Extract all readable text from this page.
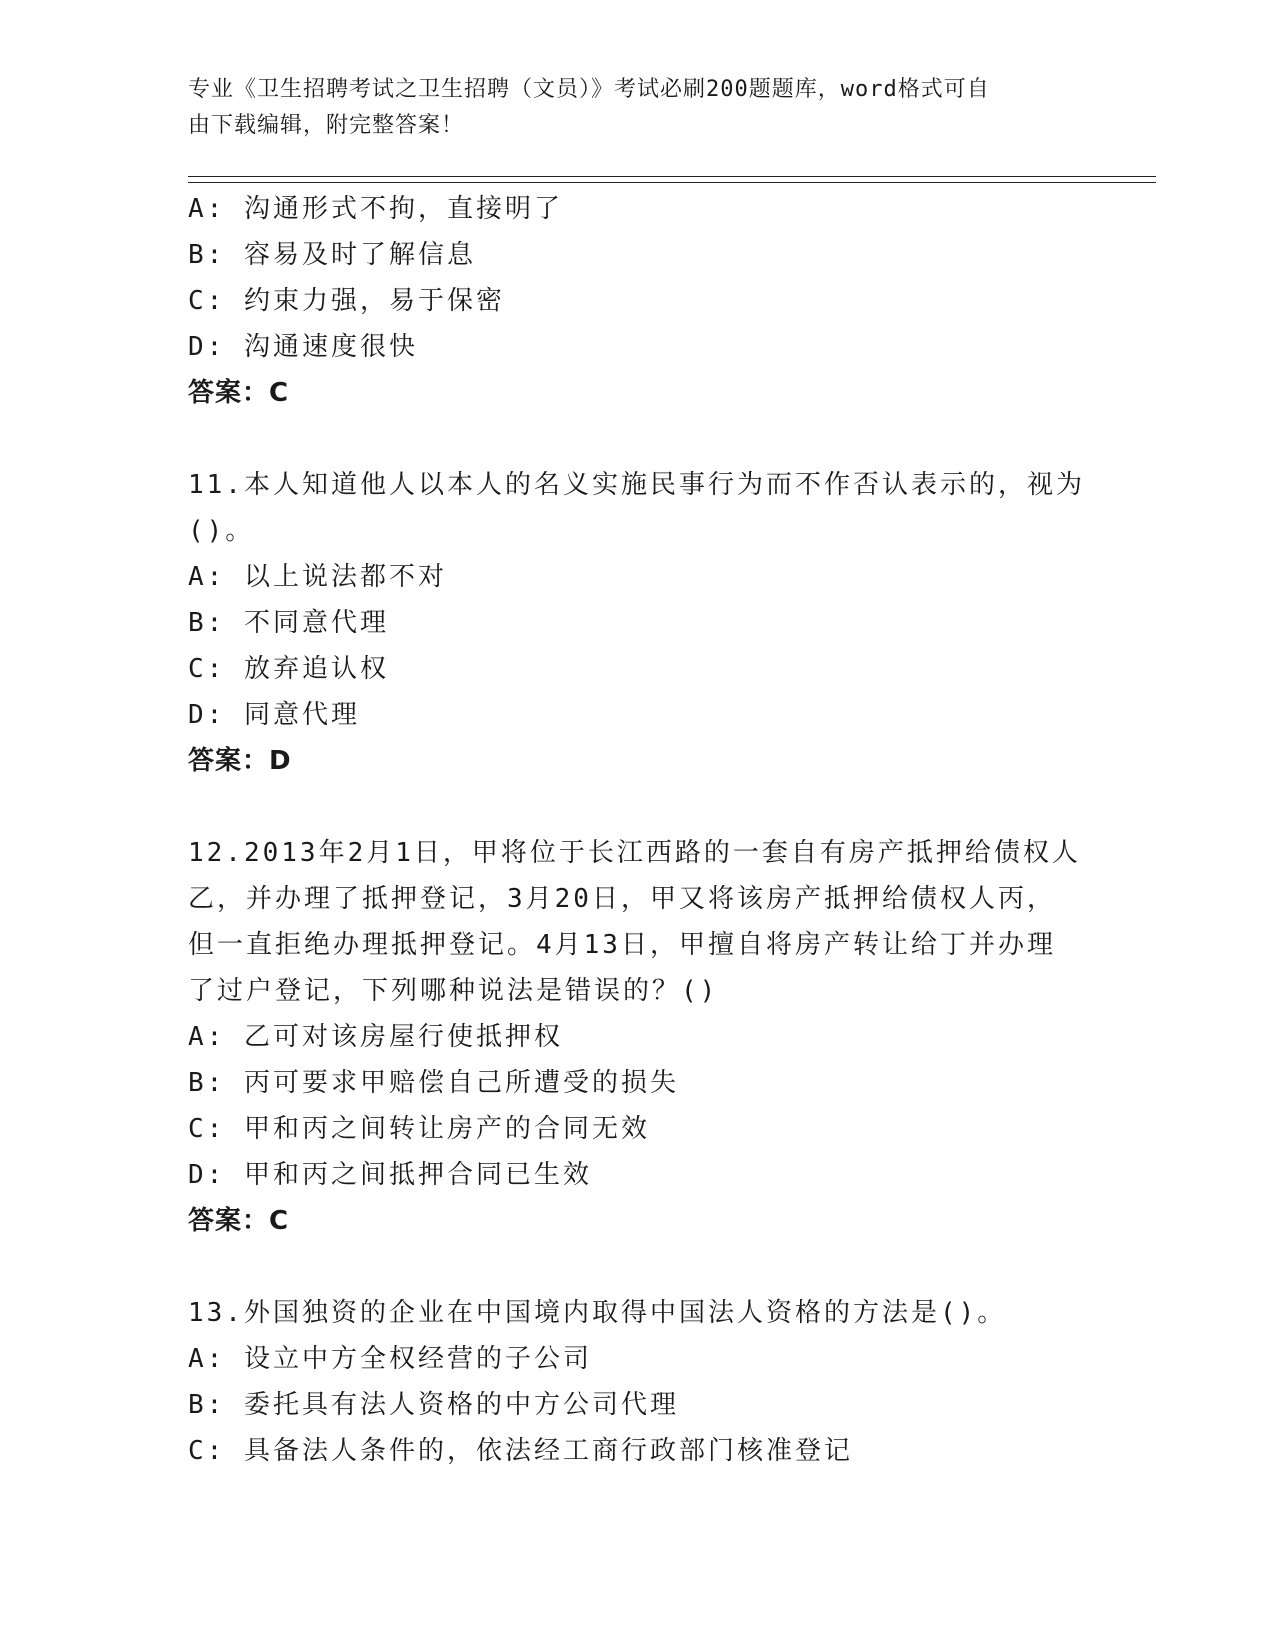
专业《卫生招聘考试之卫生招聘（文员）》考试必刷200题题库，word格式可自
由下载编辑，附完整答案！
A: 沟通形式不拘，直接明了
B: 容易及时了解信息
C: 约束力强，易于保密
D: 沟通速度很快
答案：C
11.本人知道他人以本人的名义实施民事行为而不作否认表示的，视为
()。
A: 以上说法都不对
B: 不同意代理
C: 放弃追认权
D: 同意代理
答案：D
12.2013年2月1日，甲将位于长江西路的一套自有房产抵押给债权人
乙，并办理了抵押登记，3月20日，甲又将该房产抵押给债权人丙，
但一直拒绝办理抵押登记。4月13日，甲擅自将房产转让给丁并办理
了过户登记，下列哪种说法是错误的？()
A: 乙可对该房屋行使抵押权
B: 丙可要求甲赔偿自己所遭受的损失
C: 甲和丙之间转让房产的合同无效
D: 甲和丙之间抵押合同已生效
答案：C
13.外国独资的企业在中国境内取得中国法人资格的方法是()。
A: 设立中方全权经营的子公司
B: 委托具有法人资格的中方公司代理
C: 具备法人条件的，依法经工商行政部门核准登记
